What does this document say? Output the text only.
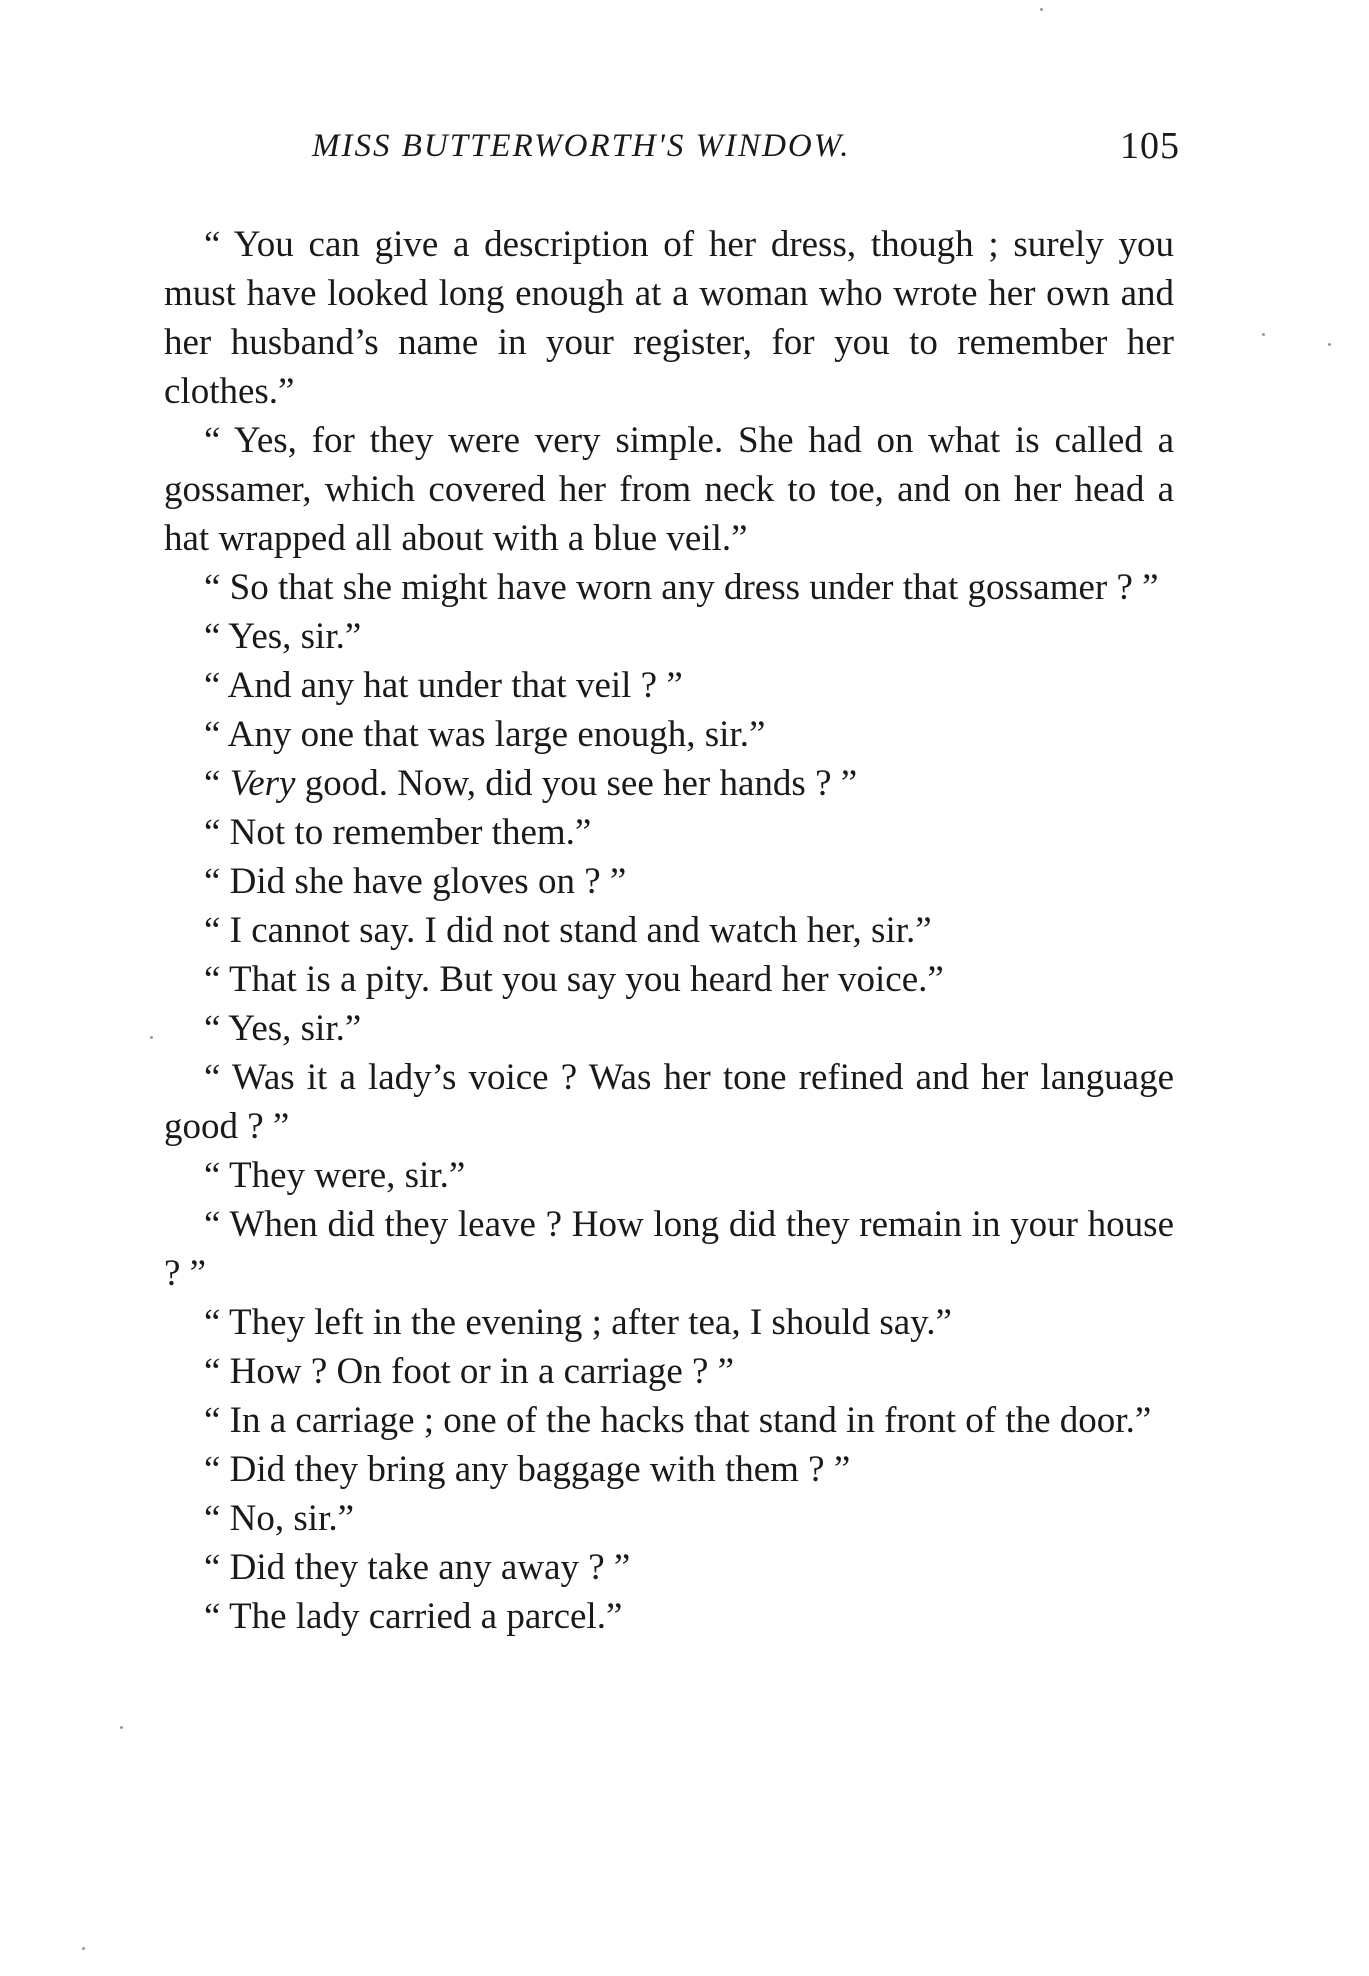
MISS BUTTERWORTH'S WINDOW.	105

“ You can give a description of her dress, though ; surely you must have looked long enough at a woman who wrote her own and her husband’s name in your register, for you to remember her clothes.”

“ Yes, for they were very simple. She had on what is called a gossamer, which covered her from neck to toe, and on her head a hat wrapped all about with a blue veil.”

“ So that she might have worn any dress under that gossamer ? ”

“ Yes, sir.”

“ And any hat under that veil ? ”

“ Any one that was large enough, sir.”

“ Very good. Now, did you see her hands ? ”

“ Not to remember them.”

“ Did she have gloves on ? ”

“ I cannot say. I did not stand and watch her, sir.”

“ That is a pity. But you say you heard her voice.”

“ Yes, sir.”

“ Was it a lady’s voice ? Was her tone refined and her language good ? ”

“ They were, sir.”

“ When did they leave ? How long did they remain in your house ? ”

“ They left in the evening ; after tea, I should say.”

“ How ? On foot or in a carriage ? ”

“ In a carriage ; one of the hacks that stand in front of the door.”

“ Did they bring any baggage with them ? ”

“ No, sir.”

“ Did they take any away ? ”

“ The lady carried a parcel.”
